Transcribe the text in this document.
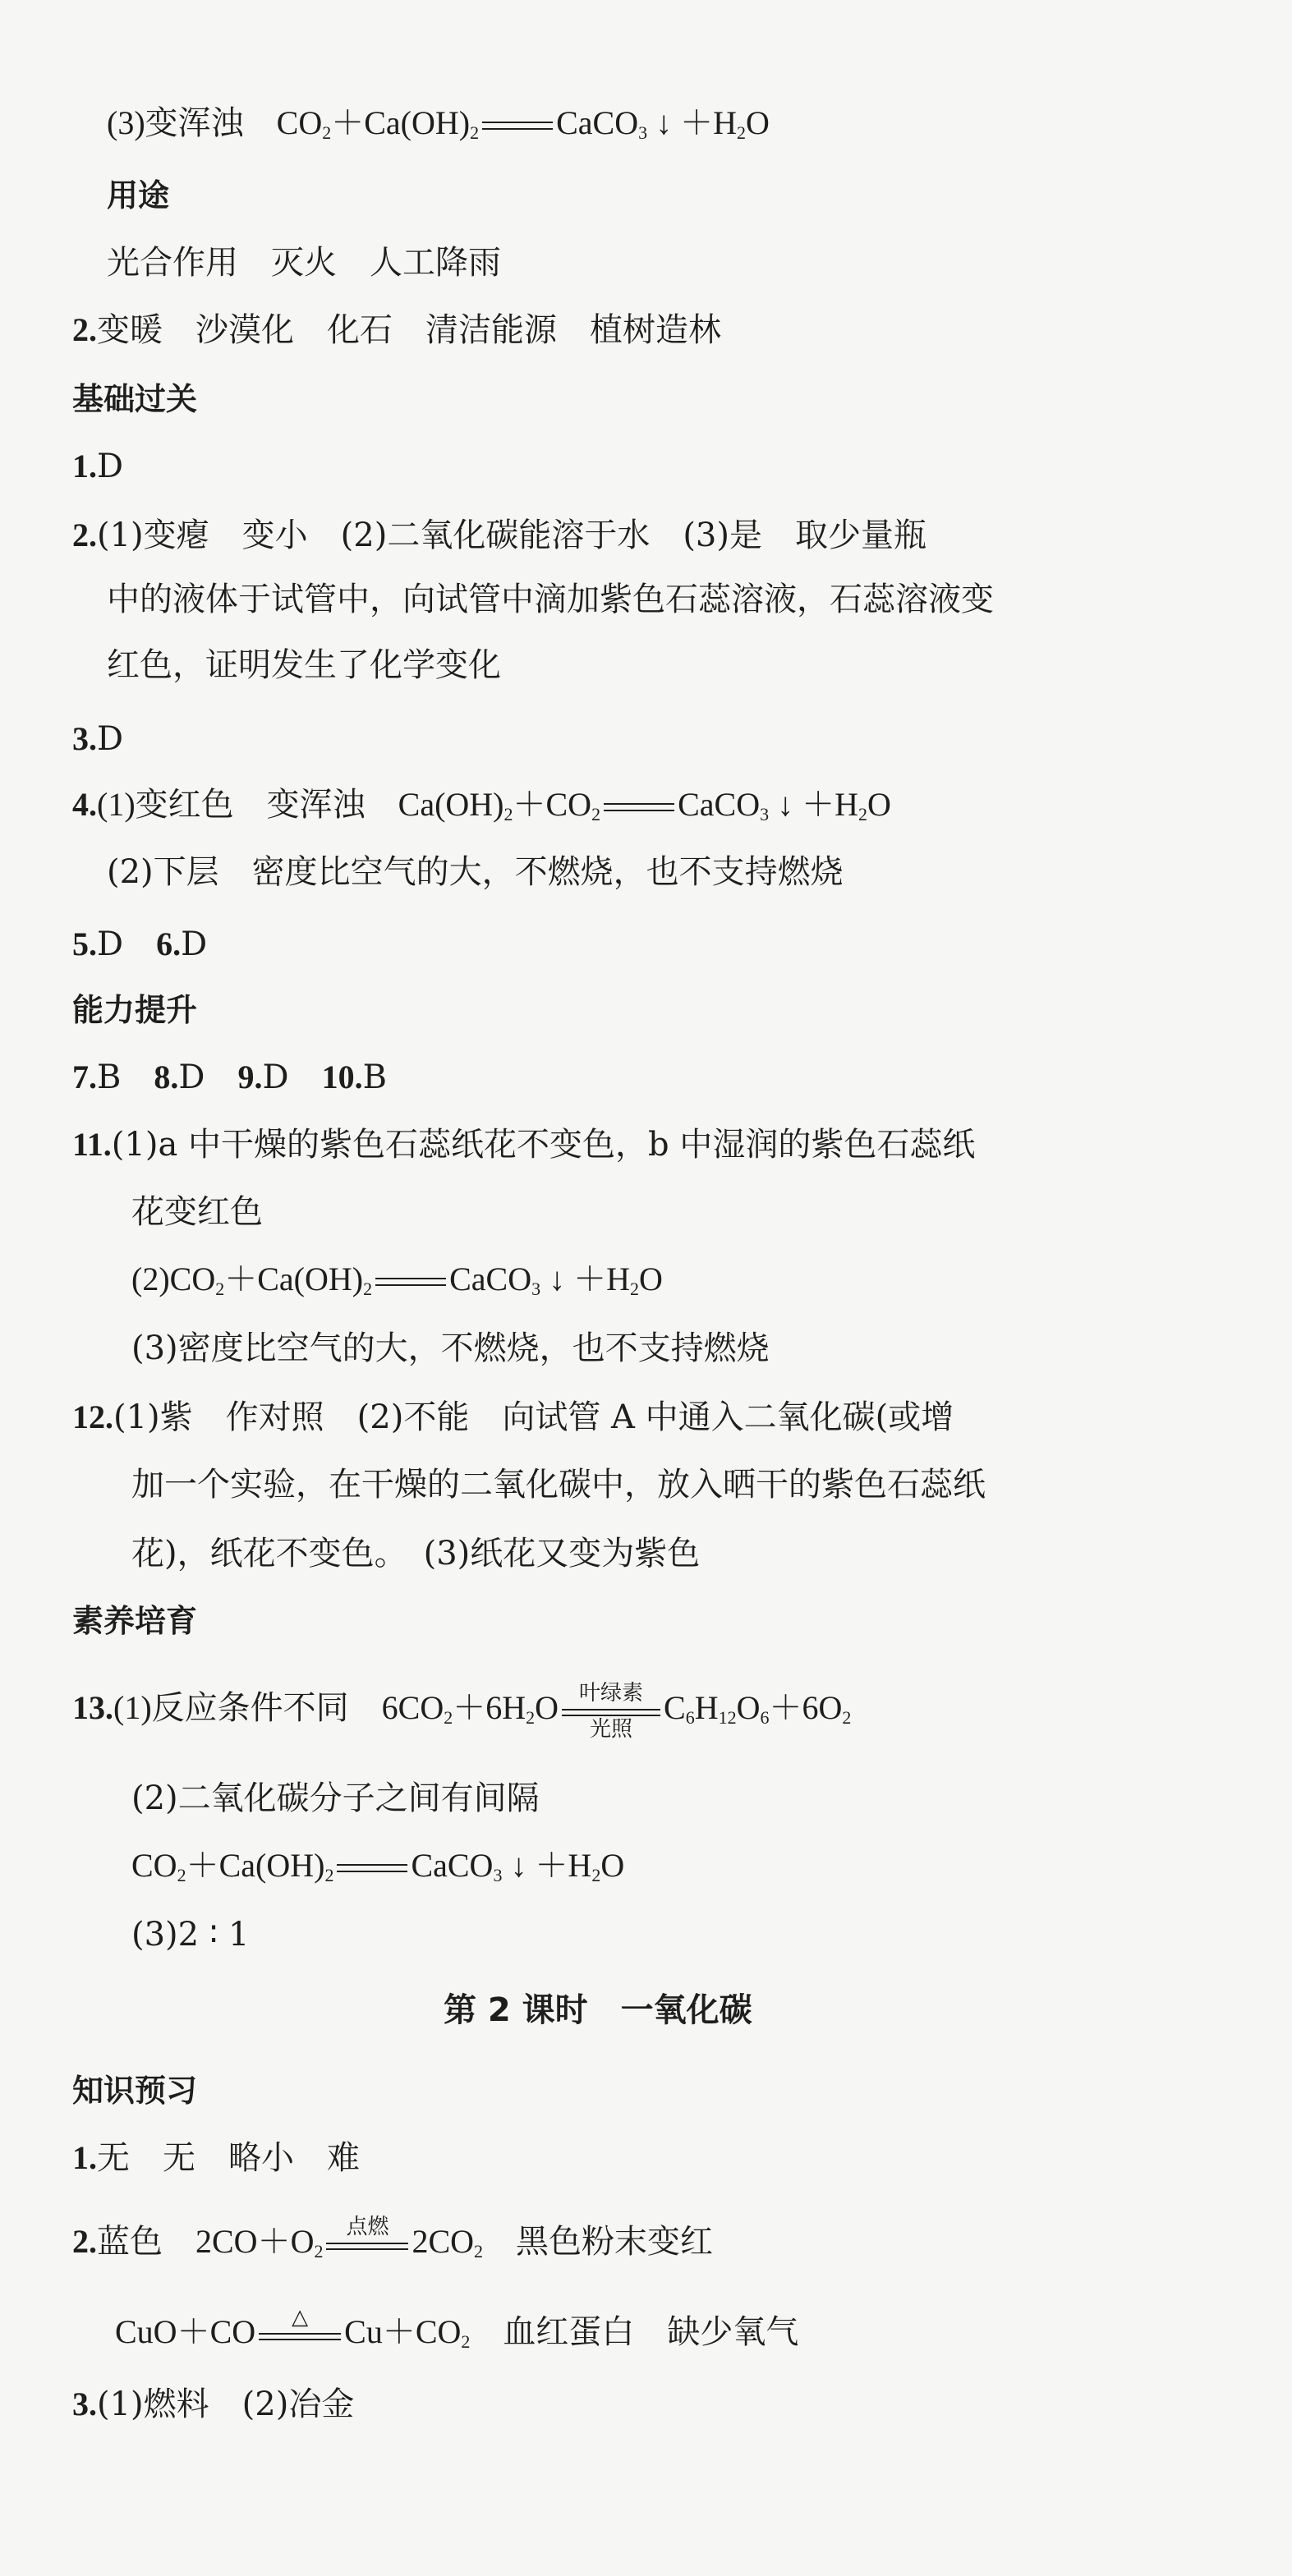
(3)变浑浊　$CO_2+Ca(OH)_2$ CaCO$_3$ ↓ $+H_2O$
用途
光合作用　灭火　人工降雨
2.变暖　沙漠化　化石　清洁能源　植树造林
基础过关
1.D
2.(1)变瘪　变小　(2)二氧化碳能溶于水　(3)是　取少量瓶
中的液体于试管中，向试管中滴加紫色石蕊溶液，石蕊溶液变
红色，证明发生了化学变化
3.D
4.(1)变红色　变浑浊　$Ca(OH)_2+CO_2$ CaCO$_3$ ↓ $+H_2O$
(2)下层　密度比空气的大，不燃烧，也不支持燃烧
5.D　 6.D
能力提升
7.B　 8.D　 9.D　 10.B
11.(1)a 中干燥的紫色石蕊纸花不变色，b 中湿润的紫色石蕊纸
花变红色
$(2)CO_2+Ca(OH)_2$ CaCO$_3$ ↓ $+H_2O$
(3)密度比空气的大，不燃烧，也不支持燃烧
12.(1)紫　作对照　(2)不能　向试管 A 中通入二氧化碳(或增
加一个实验，在干燥的二氧化碳中，放入晒干的紫色石蕊纸
花)，纸花不变色。　(3)纸花又变为紫色
素养培育
13.(1)反应条件不同　$6CO_2+6H_2O$ 叶绿素
光照
$C_6H_{12}O_6+6O_2$
(2)二氧化碳分子之间有间隔
$CO_2+Ca(OH)_2$ CaCO$_3$ ↓ $+H_2O$
(3)2 ∶ 1
第 2 课时　一氧化碳
知识预习
1.无　无　略小　难
2.蓝色　$2CO+O_2$
点燃 $2CO_2$　黑色粉末变红
CuO＋CO	△	$Cu+CO_2$　血红蛋白　缺少氧气
3.(1)燃料　(2)冶金
